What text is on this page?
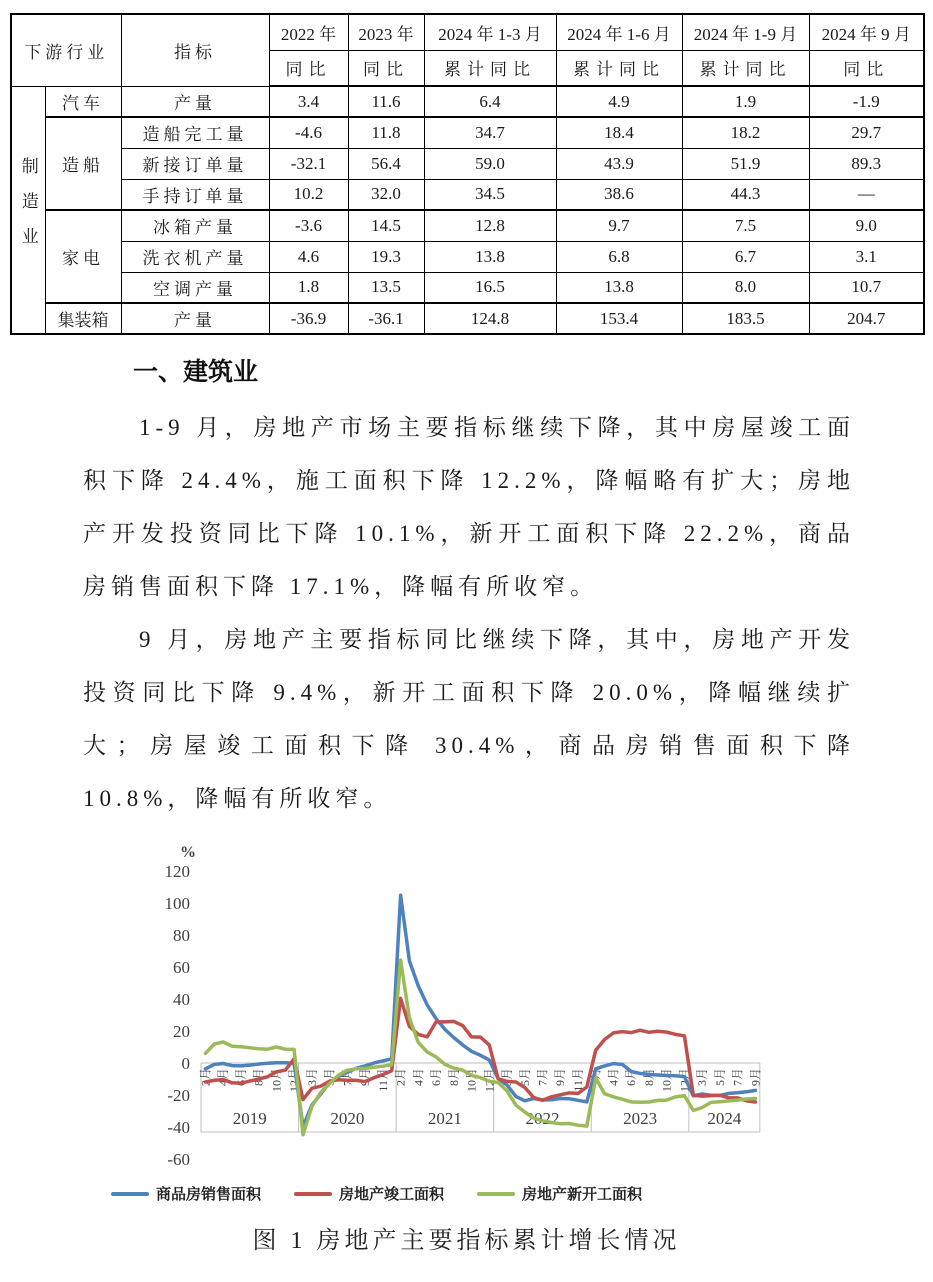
下游行业		指标	2022 年	2023 年	2024 年 1-3 月	2024 年 1-6 月	2024 年 1-9 月	2024 年 9 月
			同比	同比	累计同比	累计同比	累计同比	同比
制造业	汽车	产量	3.4	11.6	6.4	4.9	1.9	-1.9
	造船	造船完工量	-4.6	11.8	34.7	18.4	18.2	29.7
		新接订单量	-32.1	56.4	59.0	43.9	51.9	89.3
		手持订单量	10.2	32.0	34.5	38.6	44.3	—
	家电	冰箱产量	-3.6	14.5	12.8	9.7	7.5	9.0
		洗衣机产量	4.6	19.3	13.8	6.8	6.7	3.1
		空调产量	1.8	13.5	16.5	13.8	8.0	10.7
	集装箱	产量	-36.9	-36.1	124.8	153.4	183.5	204.7
一、建筑业

1-9 月，房地产市场主要指标继续下降，其中房屋竣工面积下降 24.4%，施工面积下降 12.2%，降幅略有扩大；房地产开发投资同比下降 10.1%，新开工面积下降 22.2%，商品房销售面积下降 17.1%，降幅有所收窄。

9 月，房地产主要指标同比继续下降，其中，房地产开发投资同比下降 9.4%，新开工面积下降 20.0%，降幅继续扩大；房屋竣工面积下降 30.4%，商品房销售面积下降 10.8%，降幅有所收窄。

2019	2020	2021	2022	2023	2024
120
100
80
60
40
20
0
-20
-40
-60
%
2月 4月 6月 8月 10月 12月 3月 5月 7月 9月 11月 2月 4月 6月 8月 10月 12月 3月 5月 7月 9月 11月 2月 4月 6月 8月 10月 12月 3月 5月 7月 9月
商品房销售面积	房地产竣工面积	房地产新开工面积
图 1 房地产主要指标累计增长情况
